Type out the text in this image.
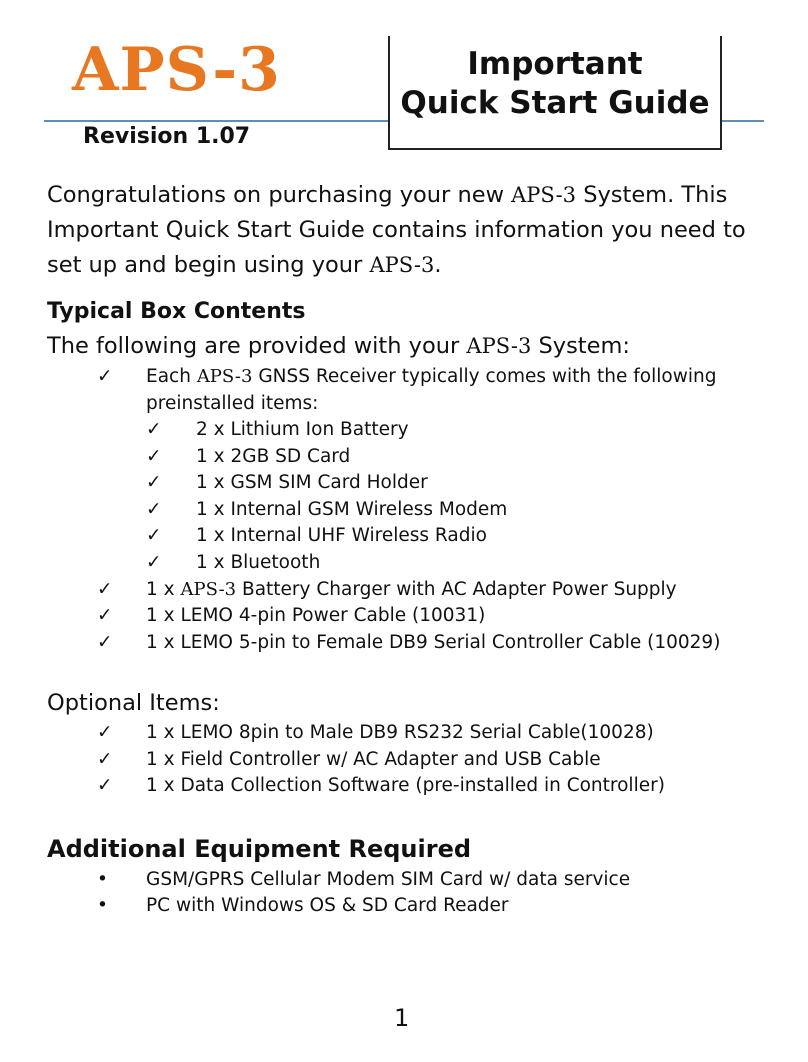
APS-3
Revision 1.07
Important
Quick Start Guide

Congratulations on purchasing your new APS-3 System. This Important Quick Start Guide contains information you need to set up and begin using your APS-3.

Typical Box Contents

The following are provided with your APS-3 System:

✓	Each APS-3 GNSS Receiver typically comes with the following
preinstalled items:
✓	2 x Lithium Ion Battery
✓	1 x 2GB SD Card
✓	1 x GSM SIM Card Holder
✓	1 x Internal GSM Wireless Modem
✓	1 x Internal UHF Wireless Radio
✓	1 x Bluetooth
✓	1 x APS-3 Battery Charger with AC Adapter Power Supply
✓	1 x LEMO 4-pin Power Cable (10031)
✓	1 x LEMO 5-pin to Female DB9 Serial Controller Cable (10029)

Optional Items:

✓	1 x LEMO 8pin to Male DB9 RS232 Serial Cable(10028)
✓	1 x Field Controller w/ AC Adapter and USB Cable
✓	1 x Data Collection Software (pre-installed in Controller)
Additional Equipment Required
•	GSM/GPRS Cellular Modem SIM Card w/ data service
•	PC with Windows OS & SD Card Reader
1
